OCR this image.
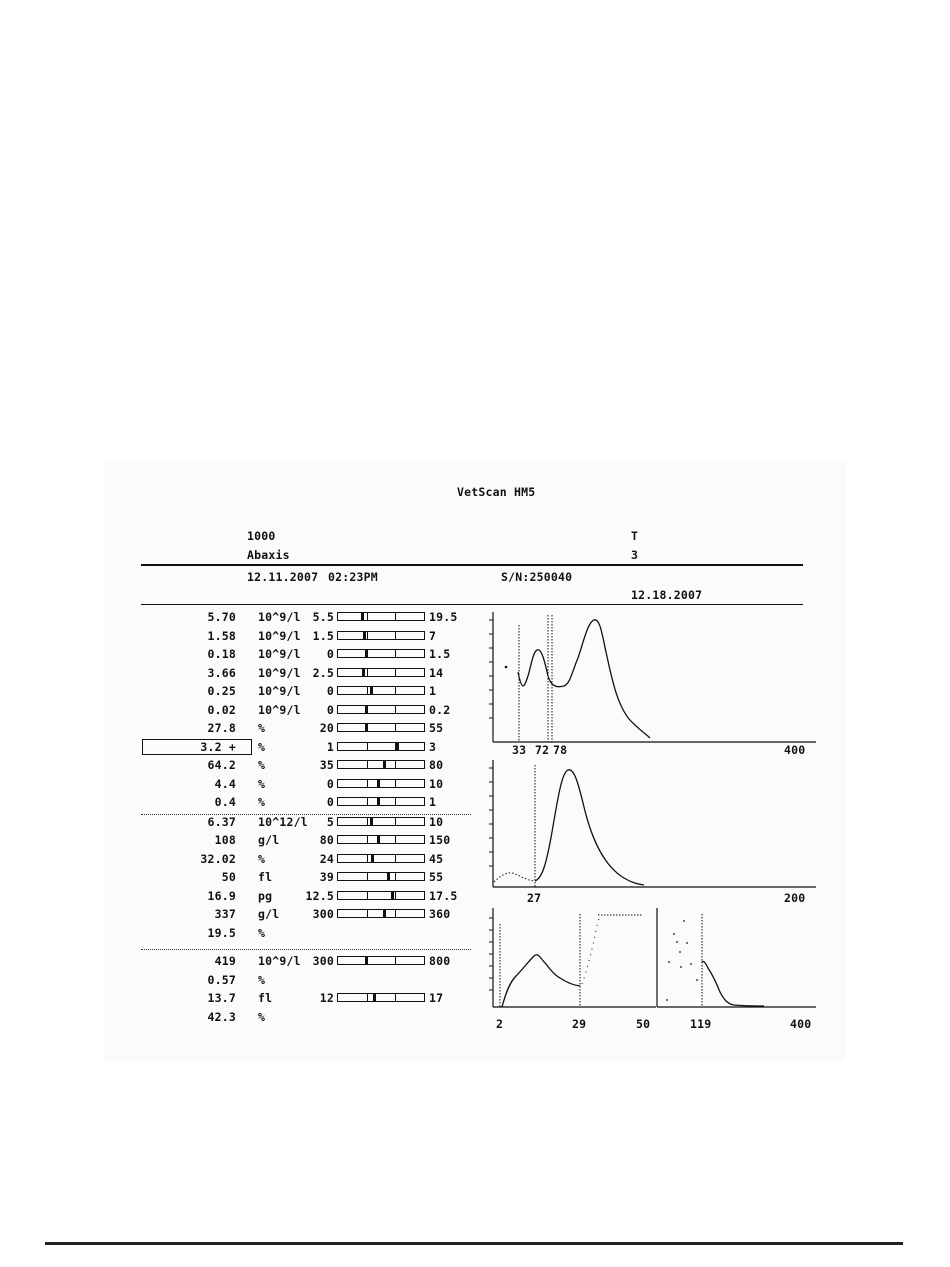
VetScan HM5
1000
Abaxis
T
3
12.11.2007 02:23PM	S/N:250040
12.18.2007
5.70 10^9/l	5.5	19.5
1.58 10^9/l	1.5	7
0.18 10^9/l	0	1.5
3.66 10^9/l	2.5	14
0.25 10^9/l	0	1
0.02 10^9/l	0	0.2
27.8 %	20	55
3.2 + %	1	3
64.2 %	35	80
4.4 %	0	10
0.4 %	0	1
6.37 10^12/l	5	10
108 g/l	80	150
32.02 %	24	45
50 fl	39	55
16.9 pg	12.5	17.5
337 g/l	300	360
19.5 %
419 10^9/l	300	800
0.57 %
13.7 fl	12	17
42.3 %
33 72 78	400
27	200
2	29	50	119	400
